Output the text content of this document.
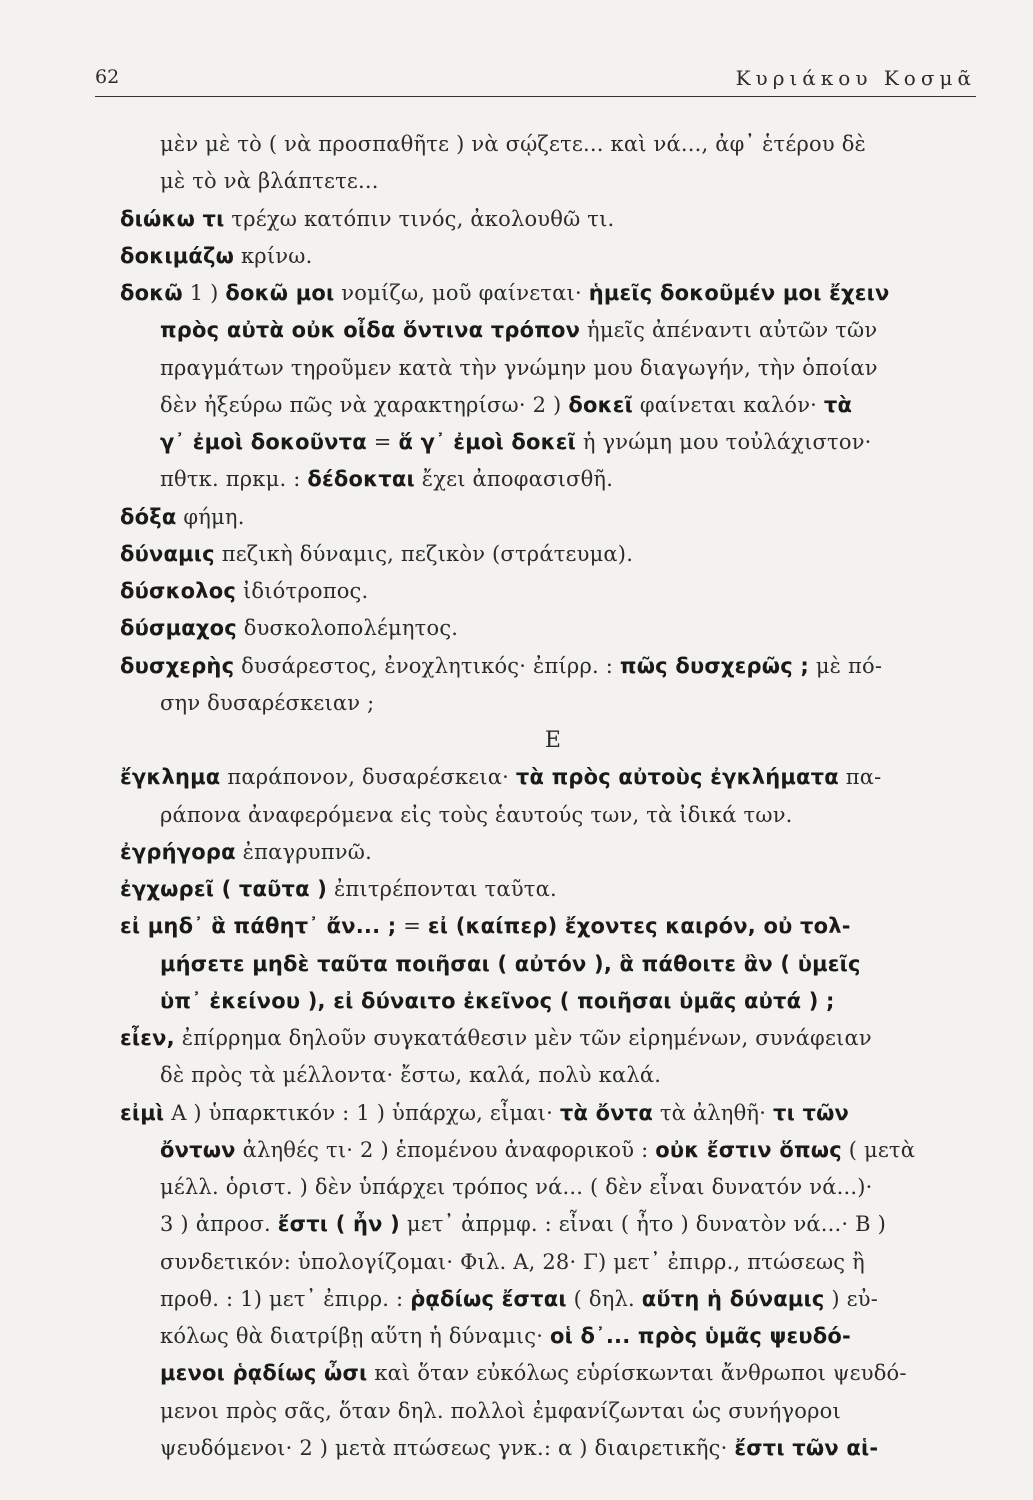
62	Κυριάκου Κοσμᾶ
μὲν μὲ τὸ ( νὰ προσπαθῆτε ) νὰ σῴζετε... καὶ νά..., ἀφ᾿ ἑτέρου δὲ
μὲ τὸ νὰ βλάπτετε...
διώκω τι τρέχω κατόπιν τινός, ἀκολουθῶ τι.
δοκιμάζω κρίνω.
δοκῶ 1 ) δοκῶ μοι νομίζω, μοῦ φαίνεται· ἡμεῖς δοκοῦμέν μοι ἔχειν
πρὸς αὐτὰ οὐκ οἶδα ὅντινα τρόπον ἡμεῖς ἀπέναντι αὐτῶν τῶν
πραγμάτων τηροῦμεν κατὰ τὴν γνώμην μου διαγωγήν, τὴν ὁποίαν
δὲν ἠξεύρω πῶς νὰ χαρακτηρίσω· 2 ) δοκεῖ φαίνεται καλόν· τὰ
γ᾿ ἐμοὶ δοκοῦντα = ἅ γ᾿ ἐμοὶ δοκεῖ ἡ γνώμη μου τοὐλάχιστον·
πθτκ. πρκμ. : δέδοκται ἔχει ἀποφασισθῆ.
δόξα φήμη.
δύναμις πεζικὴ δύναμις, πεζικὸν (στράτευμα).
δύσκολος ἰδιότροπος.
δύσμαχος δυσκολοπολέμητος.
δυσχερὴς δυσάρεστος, ἐνοχλητικός· ἐπίρρ. : πῶς δυσχερῶς ; μὲ πό-
σην δυσαρέσκειαν ;
Ε
ἔγκλημα παράπονον, δυσαρέσκεια· τὰ πρὸς αὐτοὺς ἐγκλήματα πα-
ράπονα ἀναφερόμενα εἰς τοὺς ἑαυτούς των, τὰ ἰδικά των.
ἐγρήγορα ἐπαγρυπνῶ.
ἐγχωρεῖ ( ταῦτα ) ἐπιτρέπονται ταῦτα.
εἰ μηδ᾿ ἃ πάθητ᾿ ἄν... ; = εἰ (καίπερ) ἔχοντες καιρόν, οὐ τολ-
μήσετε μηδὲ ταῦτα ποιῆσαι ( αὐτόν ), ἃ πάθοιτε ἂν ( ὑμεῖς
ὑπ᾿ ἐκείνου ), εἰ δύναιτο ἐκεῖνος ( ποιῆσαι ὑμᾶς αὐτά ) ;
εἶεν, ἐπίρρημα δηλοῦν συγκατάθεσιν μὲν τῶν εἰρημένων, συνάφειαν
δὲ πρὸς τὰ μέλλοντα· ἔστω, καλά, πολὺ καλά.
εἰμὶ Α ) ὑπαρκτικόν : 1 ) ὑπάρχω, εἶμαι· τὰ ὄντα τὰ ἀληθῆ· τι τῶν
ὄντων ἀληθές τι· 2 ) ἑπομένου ἀναφορικοῦ : οὐκ ἔστιν ὅπως ( μετὰ
μέλλ. ὁριστ. ) δὲν ὑπάρχει τρόπος νά... ( δὲν εἶναι δυνατόν νά...)·
3 ) ἀπροσ. ἔστι ( ἦν ) μετ᾿ ἀπρμφ. : εἶναι ( ἦτο ) δυνατὸν νά...· Β )
συνδετικόν: ὑπολογίζομαι· Φιλ. Α, 28· Γ) μετ᾿ ἐπιρρ., πτώσεως ἢ
προθ. : 1) μετ᾿ ἐπιρρ. : ῥᾳδίως ἔσται ( δηλ. αὕτη ἡ δύναμις ) εὐ-
κόλως θὰ διατρίβῃ αὕτη ἡ δύναμις· οἱ δ᾿... πρὸς ὑμᾶς ψευδό-
μενοι ῥᾳδίως ὦσι καὶ ὅταν εὐκόλως εὑρίσκωνται ἄνθρωποι ψευδό-
μενοι πρὸς σᾶς, ὅταν δηλ. πολλοὶ ἐμφανίζωνται ὡς συνήγοροι
ψευδόμενοι· 2 ) μετὰ πτώσεως γνκ.: α ) διαιρετικῆς· ἔστι τῶν αἱ-
